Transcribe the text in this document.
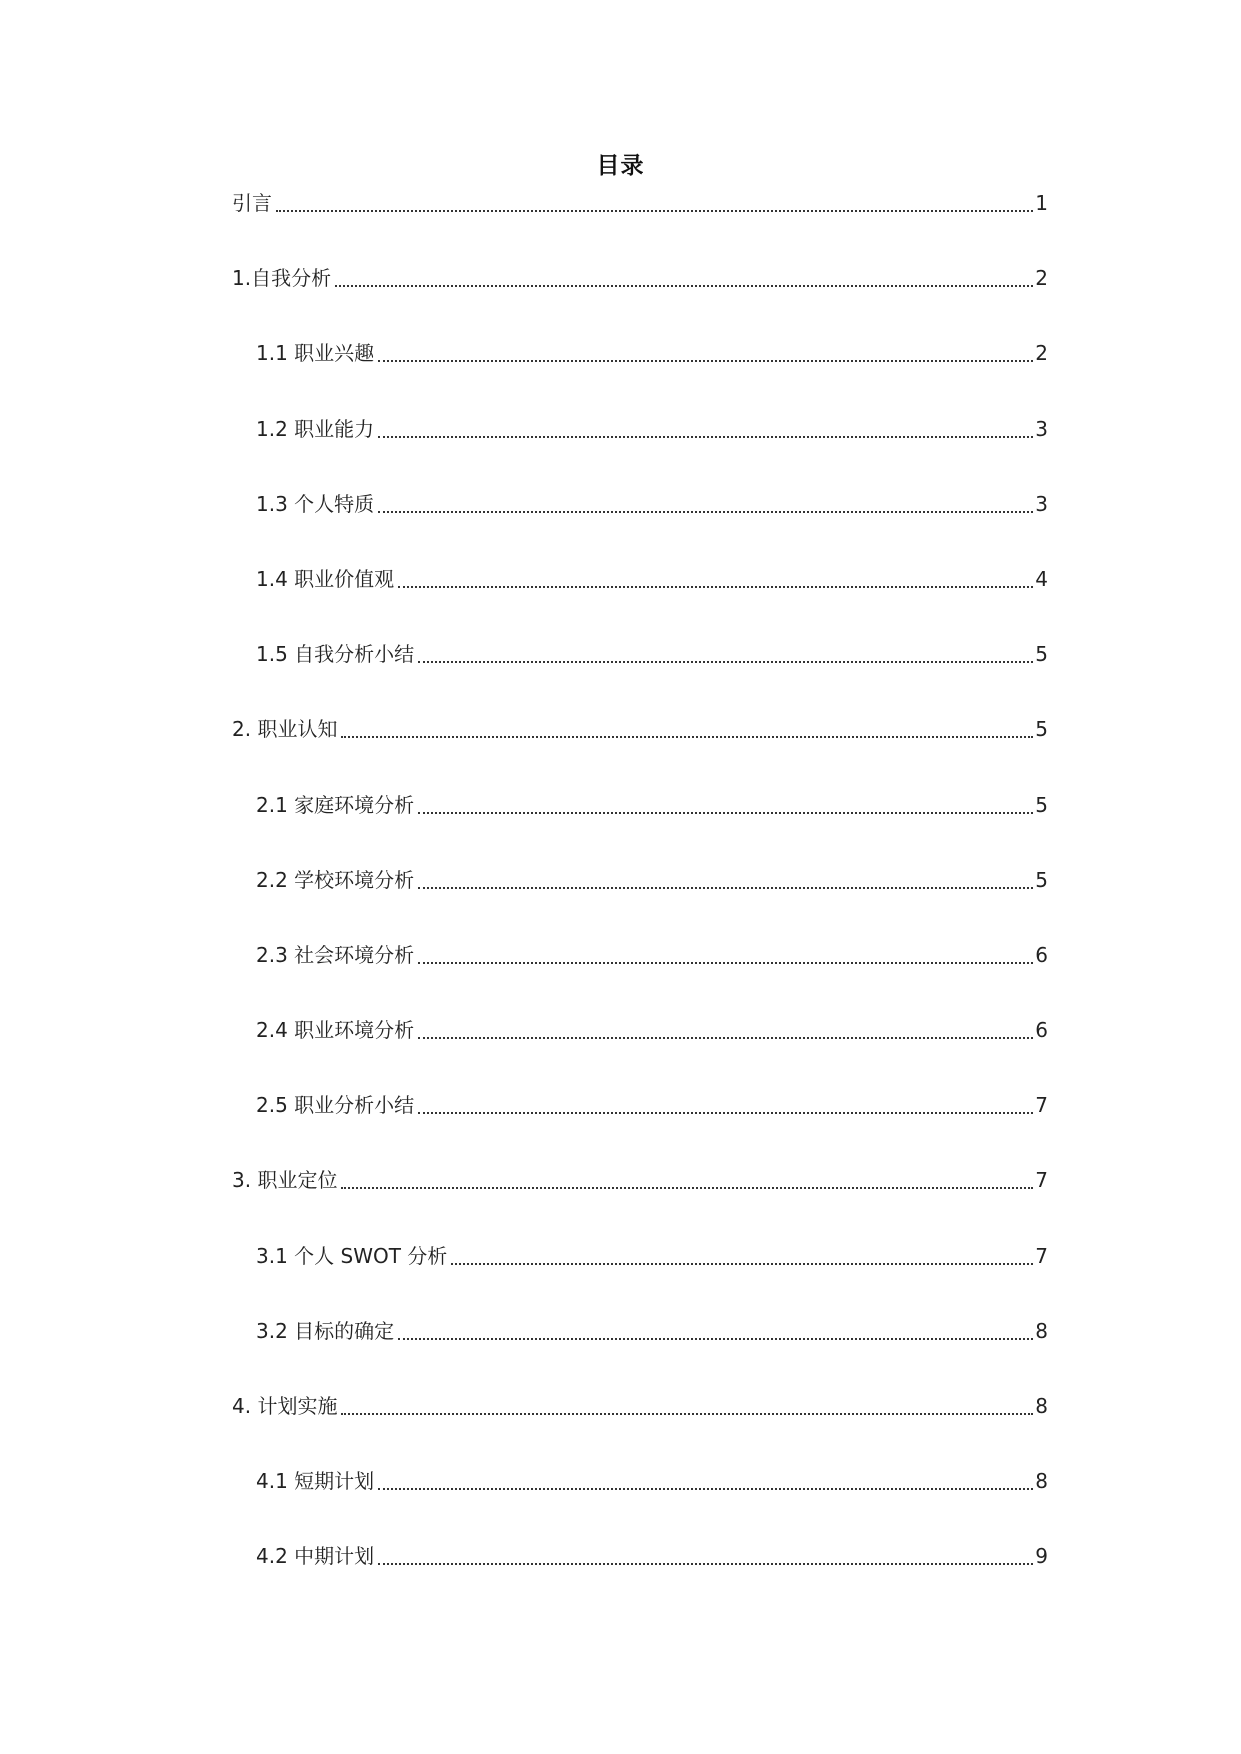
目录
引言	1
1.自我分析	2
1.1 职业兴趣	2
1.2 职业能力	3
1.3 个人特质	3
1.4 职业价值观	4
1.5 自我分析小结	5
2. 职业认知	5
2.1 家庭环境分析	5
2.2 学校环境分析	5
2.3 社会环境分析	6
2.4 职业环境分析	6
2.5 职业分析小结	7
3. 职业定位	7
3.1 个人 SWOT 分析	7
3.2 目标的确定	8
4. 计划实施	8
4.1 短期计划	8
4.2 中期计划	9
